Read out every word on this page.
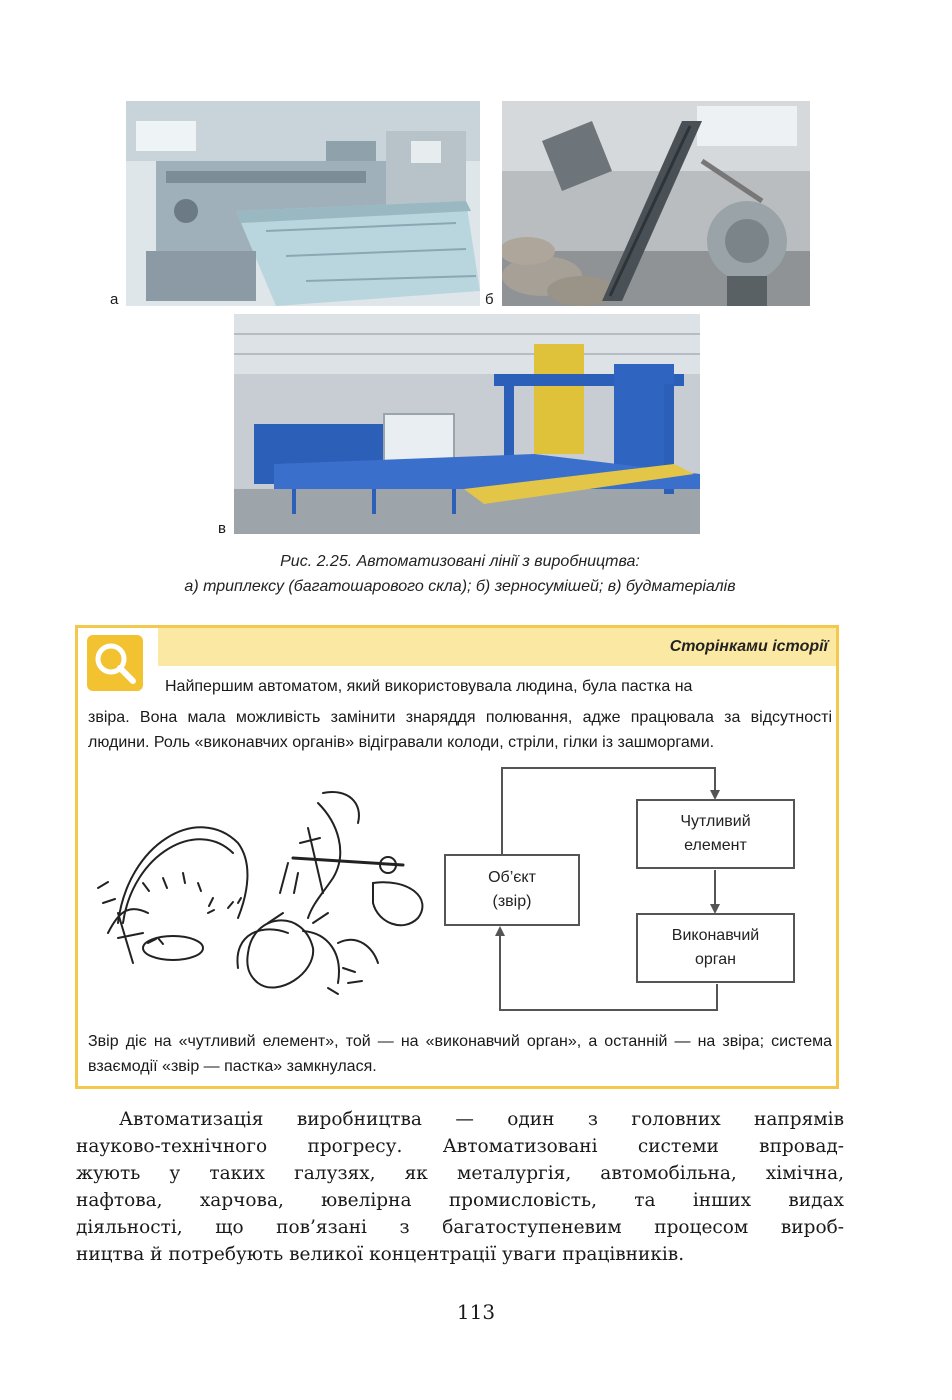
а	б
в
Рис. 2.25. Автоматизовані лінії з виробництва:
а) триплексу (багатошарового скла); б) зерносумішей; в) будматеріалів
Сторінками історії
Найпершим автоматом, який використовувала людина, була пастка на
звіра. Вона мала можливість замінити знаряддя полювання, адже працювала за відсутності людини. Роль «виконавчих органів» відігравали колоди, стріли, гілки із зашморгами.
Об’єкт
(звір)
Чутливий
елемент
Виконавчий
орган
Звір діє на «чутливий елемент», той — на «виконавчий орган», а останній — на звіра; система взаємодії «звір — пастка» замкнулася.
Автоматизація виробництва — один з головних напрямів
науково-технічного прогресу. Автоматизовані системи впровад-
жують у таких галузях, як металургія, автомобільна, хімічна,
нафтова, харчова, ювелірна промисловість, та інших видах
діяльності, що пов’язані з багатоступеневим процесом вироб-
ництва й потребують великої концентрації уваги працівників.
113
